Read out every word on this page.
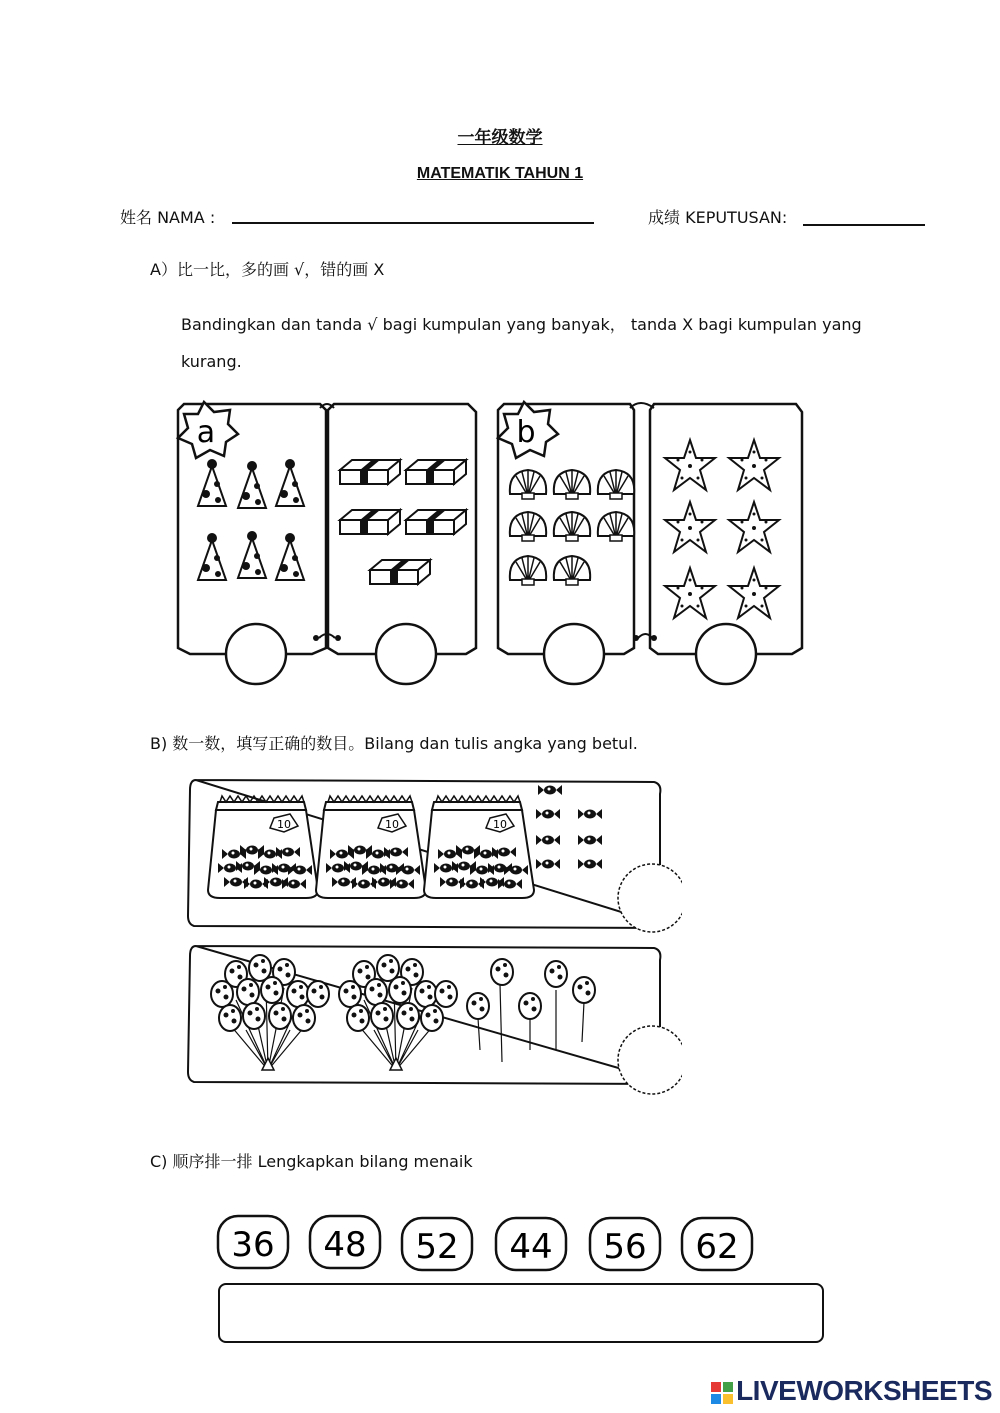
一年级数学
MATEMATIK TAHUN 1
姓名 NAMA :	成绩 KEPUTUSAN:
A）比一比，多的画 √，错的画 X
Bandingkan dan tanda √ bagi kumpulan yang banyak， tanda X bagi kumpulan yang
kurang.
a	b
B) 数一数，填写正确的数目。Bilang dan tulis angka yang betul.
C) 顺序排一排 Lengkapkan bilang menaik
36 48 52 44 56 62
LIVEWORKSHEETS
